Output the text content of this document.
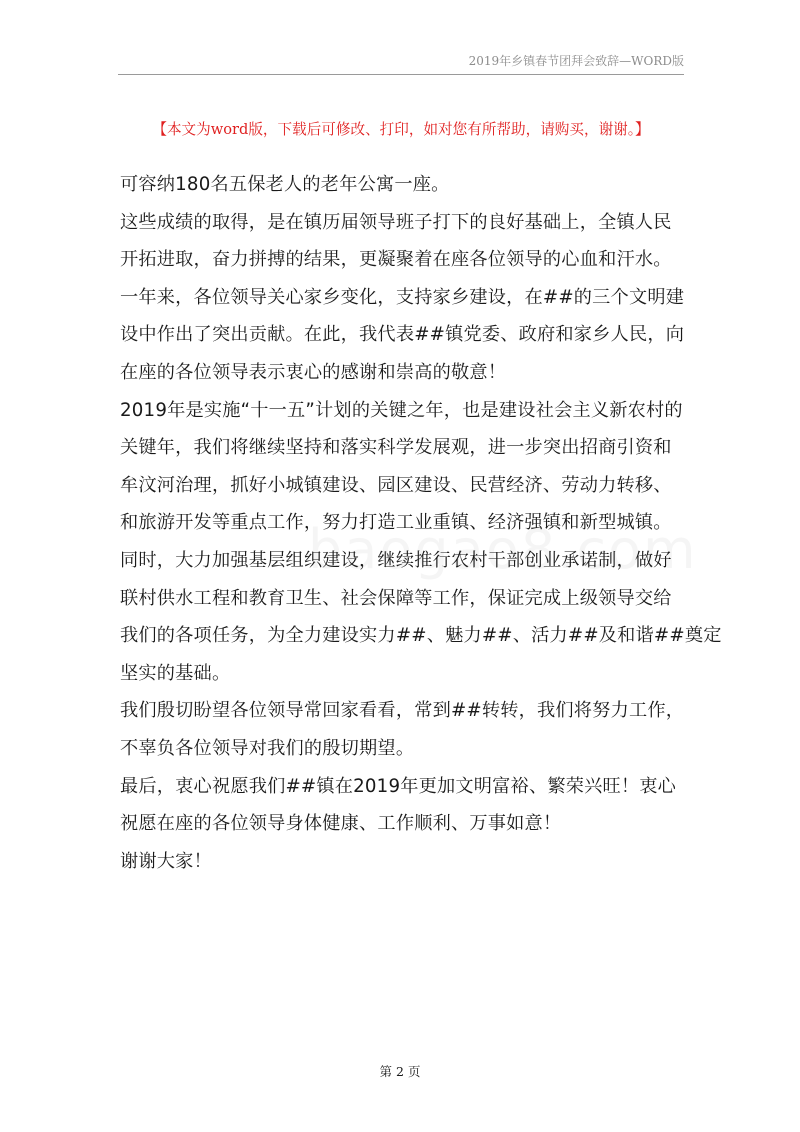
2019年乡镇春节团拜会致辞—WORD版
【本文为word版，下载后可修改、打印，如对您有所帮助，请购买，谢谢。】

可容纳180名五保老人的老年公寓一座。

这些成绩的取得，是在镇历届领导班子打下的良好基础上，全镇人民
开拓进取，奋力拼搏的结果，更凝聚着在座各位领导的心血和汗水。
一年来，各位领导关心家乡变化，支持家乡建设，在##的三个文明建
设中作出了突出贡献。在此，我代表##镇党委、政府和家乡人民，向
在座的各位领导表示衷心的感谢和崇高的敬意！

2019年是实施“十一五”计划的关键之年，也是建设社会主义新农村的
关键年，我们将继续坚持和落实科学发展观，进一步突出招商引资和
牟汶河治理，抓好小城镇建设、园区建设、民营经济、劳动力转移、
和旅游开发等重点工作，努力打造工业重镇、经济强镇和新型城镇。
同时，大力加强基层组织建设，继续推行农村干部创业承诺制，做好
联村供水工程和教育卫生、社会保障等工作，保证完成上级领导交给
我们的各项任务，为全力建设实力##、魅力##、活力##及和谐##奠定
坚实的基础。

我们殷切盼望各位领导常回家看看，常到##转转，我们将努力工作，
不辜负各位领导对我们的殷切期望。

最后，衷心祝愿我们##镇在2019年更加文明富裕、繁荣兴旺！衷心
祝愿在座的各位领导身体健康、工作顺利、万事如意！

谢谢大家！

第 2 页
